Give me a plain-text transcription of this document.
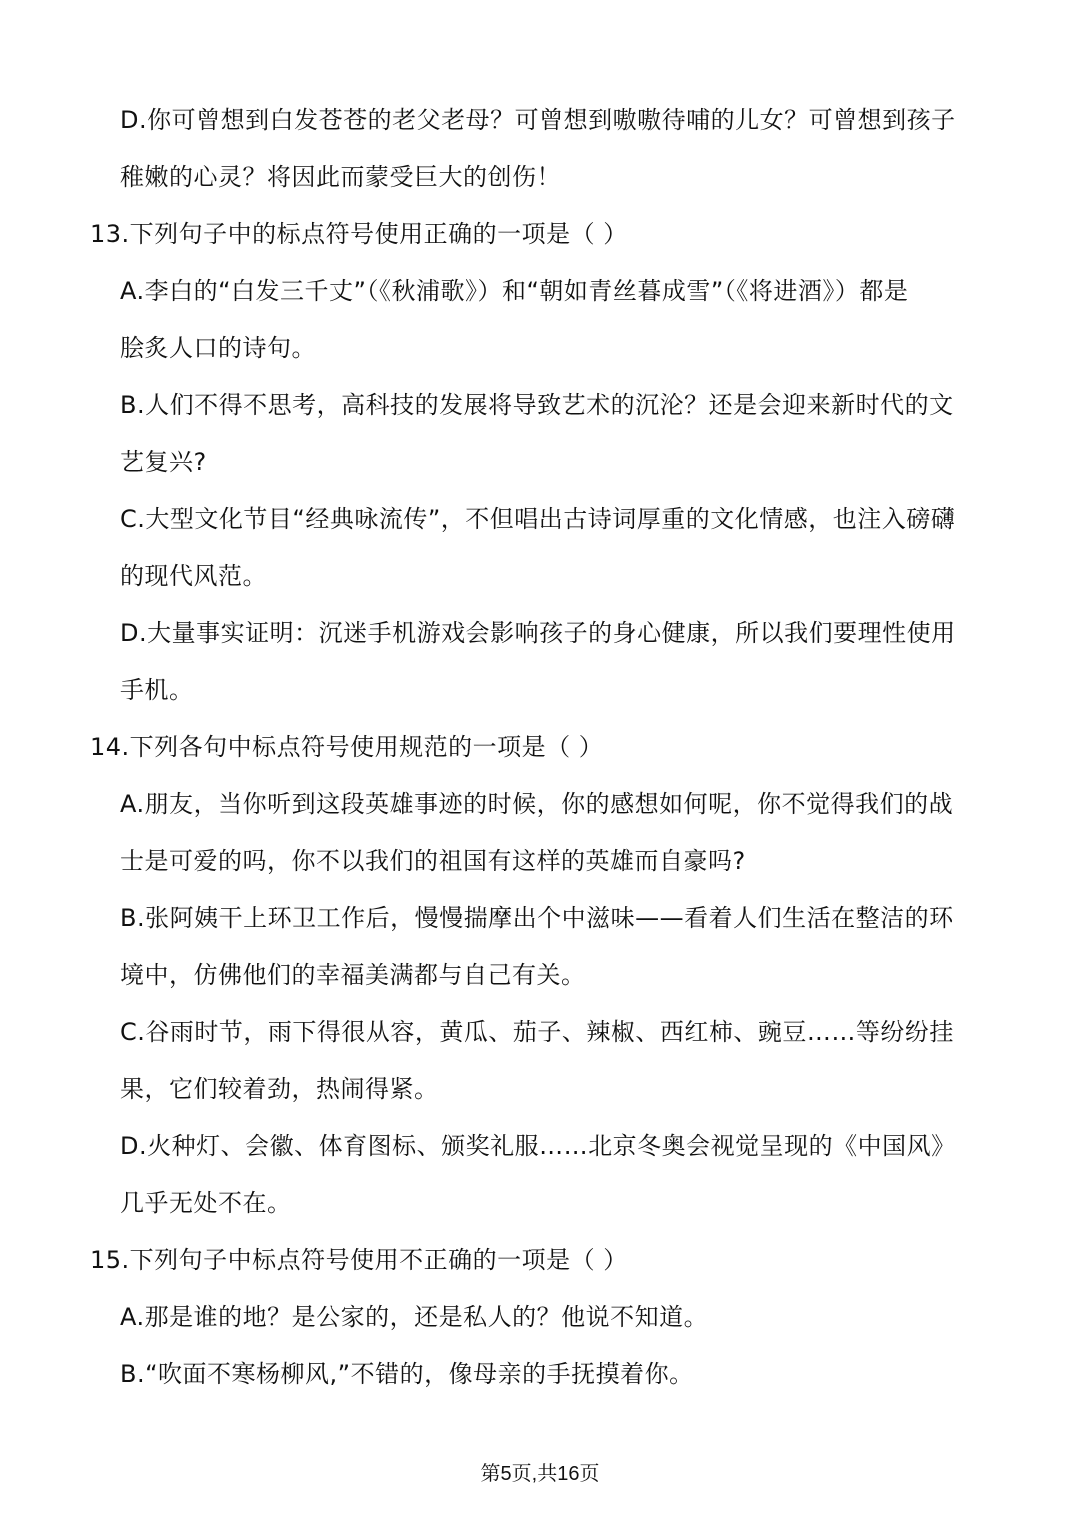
D.你可曾想到白发苍苍的老父老母？可曾想到嗷嗷待哺的儿女？可曾想到孩子
稚嫩的心灵？将因此而蒙受巨大的创伤！
13.下列句子中的标点符号使用正确的一项是（ ）
A.李白的“白发三千丈”（《秋浦歌》）和“朝如青丝暮成雪”（《将进酒》）都是
脍炙人口的诗句。
B.人们不得不思考，高科技的发展将导致艺术的沉沦？还是会迎来新时代的文
艺复兴?
C.大型文化节目“经典咏流传”，不但唱出古诗词厚重的文化情感，也注入磅礴
的现代风范。
D.大量事实证明：沉迷手机游戏会影响孩子的身心健康，所以我们要理性使用
手机。
14.下列各句中标点符号使用规范的一项是（ ）
A.朋友，当你听到这段英雄事迹的时候，你的感想如何呢，你不觉得我们的战
士是可爱的吗，你不以我们的祖国有这样的英雄而自豪吗?
B.张阿姨干上环卫工作后，慢慢揣摩出个中滋味——看着人们生活在整洁的环
境中，仿佛他们的幸福美满都与自己有关。
C.谷雨时节，雨下得很从容，黄瓜、茄子、辣椒、西红柿、豌豆……等纷纷挂
果，它们较着劲，热闹得紧。
D.火种灯、会徽、体育图标、颁奖礼服……北京冬奥会视觉呈现的《中国风》
几乎无处不在。
15.下列句子中标点符号使用不正确的一项是（ ）
A.那是谁的地？是公家的，还是私人的？他说不知道。
B.“吹面不寒杨柳风,”不错的，像母亲的手抚摸着你。
第5页,共16页
